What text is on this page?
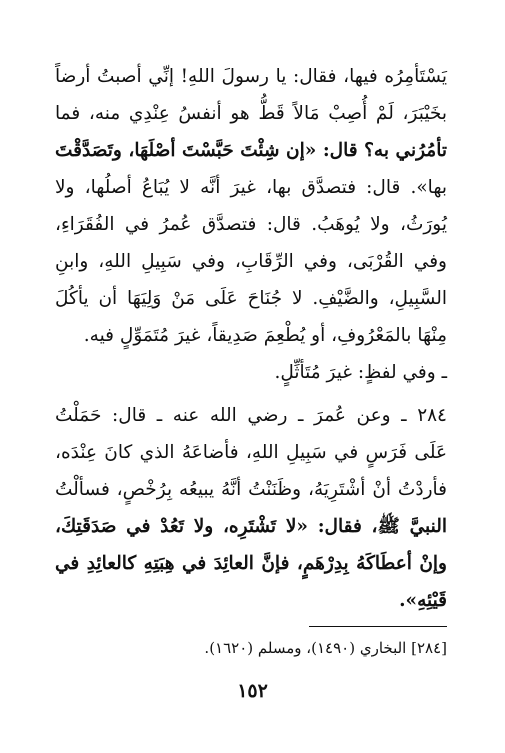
يَسْتَأمِرُه فيها، فقال: يا رسولَ اللهِ! إنِّي أصبتُ أرضاً
بخَيْبَرَ، لَمْ أُصِبْ مَالاً قَطُّ هو أنفسُ عِنْدِي منه، فما
تأمُرُني به؟ قال: «إن شِئْتَ حَبَّسْتَ أصْلَهَا، وتَصَدَّقْتَ
بها». قال: فتصدَّق بها، غيرَ أنَّه لا يُبَاعُ أصلُها، ولا
يُورَثُ، ولا يُوهَبُ. قال: فتصدَّق عُمرُ في الفُقَرَاءِ،
وفي القُرْبَى، وفي الرِّقَابِ، وفي سَبِيلِ اللهِ، وابنِ
السَّبِيلِ، والضَّيْفِ. لا جُنَاحَ عَلَى مَنْ وَلِيَهَا أن يأكُلَ
مِنْهَا بالمَعْرُوفِ، أو يُطْعِمَ صَدِيقاً، غيرَ مُتَمَوِّلٍ فيه.
ـ وفي لفظٍ: غيرَ مُتَأثِّلٍ.
٢٨٤ ـ وعن عُمرَ ـ رضي الله عنه ـ قال: حَمَلْتُ
عَلَى فَرَسٍ في سَبِيلِ اللهِ، فأضاعَهُ الذي كانَ عِنْدَه،
فأردْتُ أنْ أشْتَرِيَهُ، وظَنَنْتُ أنَّهُ يبيعُه بِرُخْصٍ، فسألْتُ
النبيَّ ﷺ، فقال: «لا تَشْتَرِه، ولا تَعُدْ في صَدَقَتِكَ،
وإنْ أعطَاكَهُ بِدِرْهَمٍ، فإنَّ العائِدَ في هِبَتِهِ كالعائِدِ في
قَيْئِهِ».
[٢٨٤] البخاري (١٤٩٠)، ومسلم (١٦٢٠).
١٥٢
